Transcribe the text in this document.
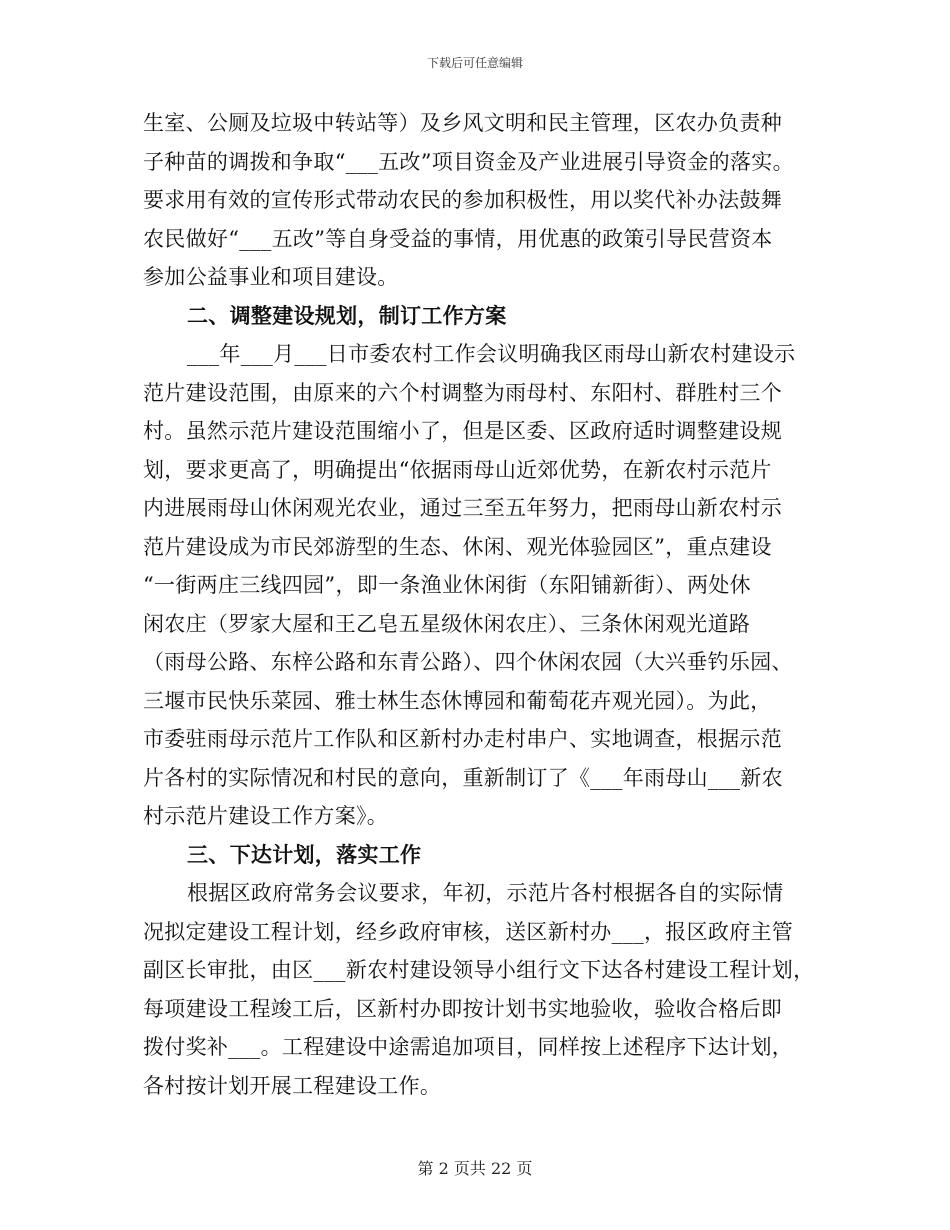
下载后可任意编辑
生室、公厕及垃圾中转站等）及乡风文明和民主管理，区农办负责种
子种苗的调拨和争取“___五改”项目资金及产业进展引导资金的落实。
要求用有效的宣传形式带动农民的参加积极性，用以奖代补办法鼓舞
农民做好“___五改”等自身受益的事情，用优惠的政策引导民营资本
参加公益事业和项目建设。
二、调整建设规划，制订工作方案
___年___月___日市委农村工作会议明确我区雨母山新农村建设示
范片建设范围，由原来的六个村调整为雨母村、东阳村、群胜村三个
村。虽然示范片建设范围缩小了，但是区委、区政府适时调整建设规
划，要求更高了，明确提出“依据雨母山近郊优势，在新农村示范片
内进展雨母山休闲观光农业，通过三至五年努力，把雨母山新农村示
范片建设成为市民郊游型的生态、休闲、观光体验园区”，重点建设
“一街两庄三线四园”，即一条渔业休闲街（东阳铺新街）、两处休
闲农庄（罗家大屋和王乙皂五星级休闲农庄）、三条休闲观光道路
（雨母公路、东梓公路和东青公路）、四个休闲农园（大兴垂钓乐园、
三堰市民快乐菜园、雅士林生态休博园和葡萄花卉观光园）。为此，
市委驻雨母示范片工作队和区新村办走村串户、实地调查，根据示范
片各村的实际情况和村民的意向，重新制订了《___年雨母山___新农
村示范片建设工作方案》。
三、下达计划，落实工作
根据区政府常务会议要求，年初，示范片各村根据各自的实际情
况拟定建设工程计划，经乡政府审核，送区新村办___，报区政府主管
副区长审批，由区___新农村建设领导小组行文下达各村建设工程计划，
每项建设工程竣工后，区新村办即按计划书实地验收，验收合格后即
拨付奖补___。工程建设中途需追加项目，同样按上述程序下达计划，
各村按计划开展工程建设工作。
第 2 页共 22 页
